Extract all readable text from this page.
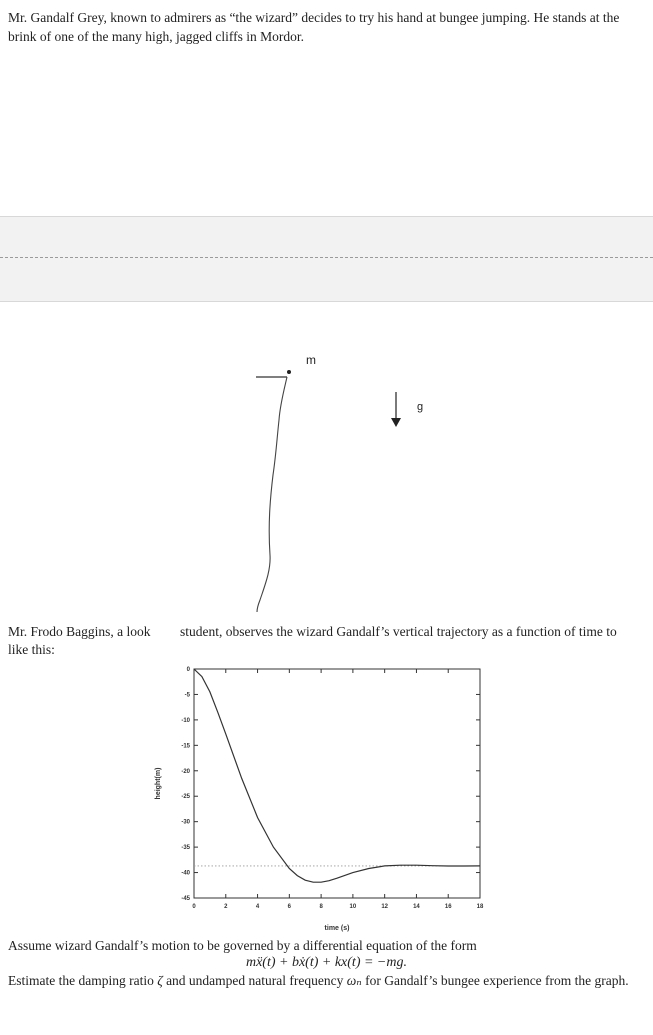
Mr. Gandalf Grey, known to admirers as “the wizard” decides to try his hand at bungee jumping. He stands at the brink of one of the many high, jagged cliffs in Mordor.
m
g
Mr. Frodo Baggins, a look like this:
student, observes the wizard Gandalf’s vertical trajectory as a function of time to
0	2	4	6	8	10	12	14	16	18
0
-5
-10
-15
-20
-25
-30
-35
-40
-45
time (s)
height(m)
Assume wizard Gandalf’s motion to be governed by a differential equation of the form
mẍ(t) + bẋ(t) + kx(t) = −mg.
Estimate the damping ratio ζ and undamped natural frequency ωₙ for Gandalf’s bungee experience from the graph.
